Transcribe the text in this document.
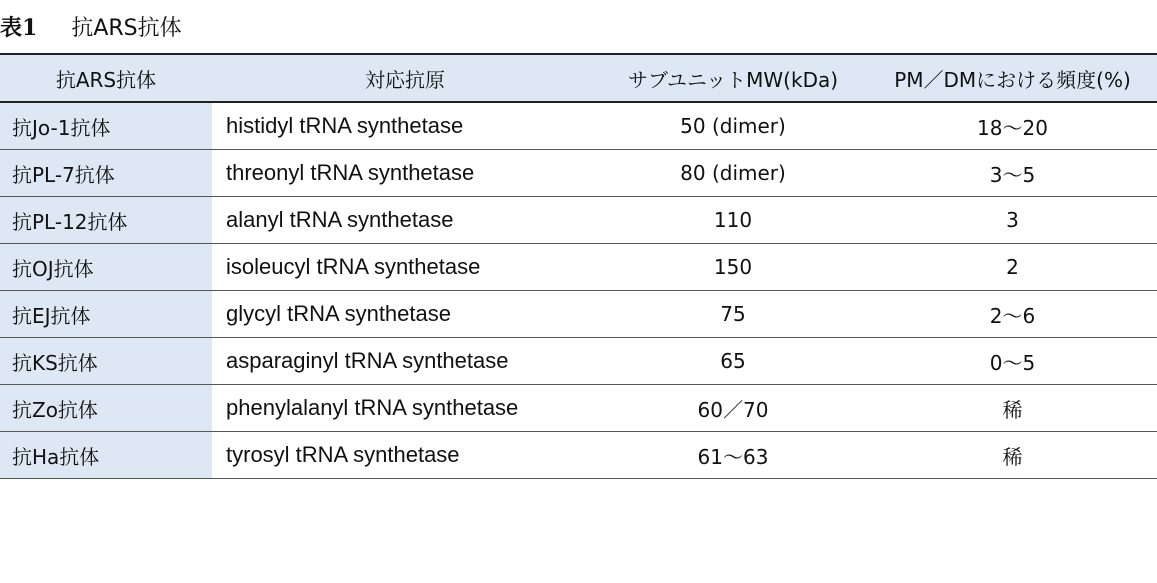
表1 抗ARS抗体
抗ARS抗体	対応抗原	サブユニットMW(kDa)	PM／DMにおける頻度(%)
抗Jo-1抗体	histidyl tRNA synthetase	50 (dimer)	18～20
抗PL-7抗体	threonyl tRNA synthetase	80 (dimer)	3～5
抗PL-12抗体	alanyl tRNA synthetase	110	3
抗OJ抗体	isoleucyl tRNA synthetase	150	2
抗EJ抗体	glycyl tRNA synthetase	75	2～6
抗KS抗体	asparaginyl tRNA synthetase	65	0～5
抗Zo抗体	phenylalanyl tRNA synthetase	60／70	稀
抗Ha抗体	tyrosyl tRNA synthetase	61～63	稀
